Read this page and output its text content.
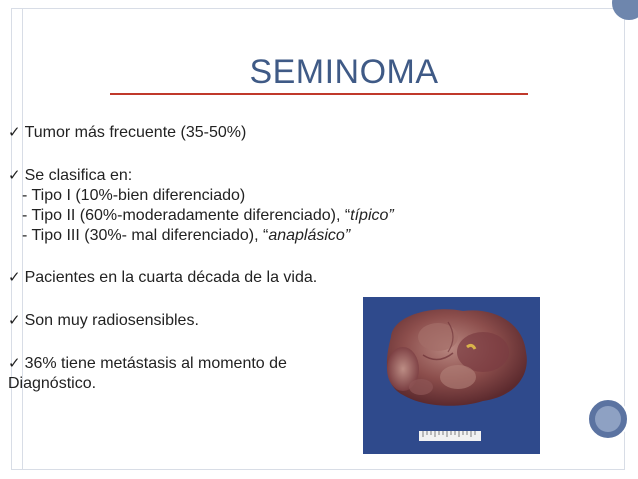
SEMINOMA
✓ Tumor más frecuente (35-50%)
✓ Se clasifica en:
- Tipo I (10%-bien diferenciado)
- Tipo II (60%-moderadamente diferenciado), “típico”
- Tipo III (30%- mal diferenciado), “anaplásico”
✓ Pacientes en la cuarta década de la vida.
✓ Son muy radiosensibles.
✓ 36% tiene metástasis al momento de
Diagnóstico.
